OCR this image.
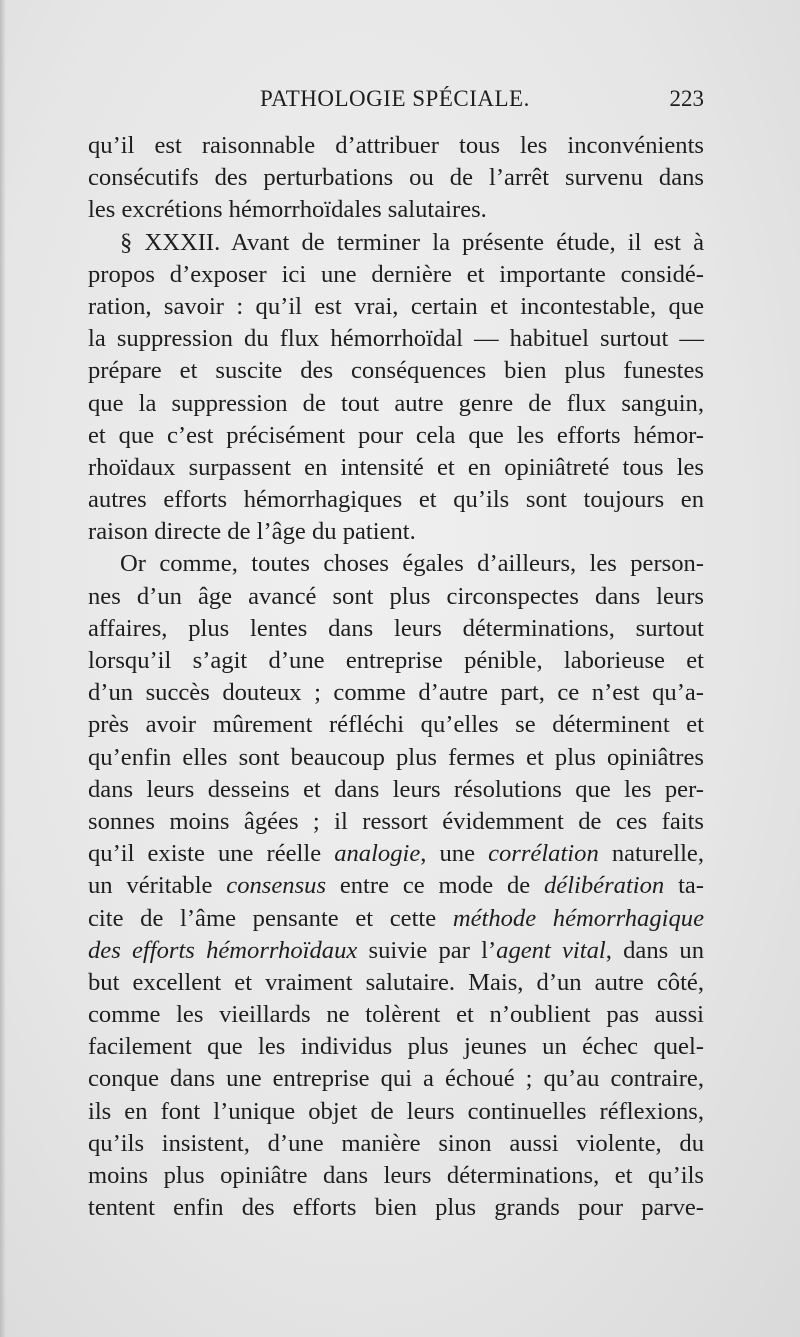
PATHOLOGIE SPÉCIALE.	223
qu’il est raisonnable d’attribuer tous les inconvénients
consécutifs des perturbations ou de l’arrêt survenu dans
les excrétions hémorrhoïdales salutaires.
§ XXXII. Avant de terminer la présente étude, il est à
propos d’exposer ici une dernière et importante considé-
ration, savoir : qu’il est vrai, certain et incontestable, que
la suppression du flux hémorrhoïdal — habituel surtout —
prépare et suscite des conséquences bien plus funestes
que la suppression de tout autre genre de flux sanguin,
et que c’est précisément pour cela que les efforts hémor-
rhoïdaux surpassent en intensité et en opiniâtreté tous les
autres efforts hémorrhagiques et qu’ils sont toujours en
raison directe de l’âge du patient.
Or comme, toutes choses égales d’ailleurs, les person-
nes d’un âge avancé sont plus circonspectes dans leurs
affaires, plus lentes dans leurs déterminations, surtout
lorsqu’il s’agit d’une entreprise pénible, laborieuse et
d’un succès douteux ; comme d’autre part, ce n’est qu’a-
près avoir mûrement réfléchi qu’elles se déterminent et
qu’enfin elles sont beaucoup plus fermes et plus opiniâtres
dans leurs desseins et dans leurs résolutions que les per-
sonnes moins âgées ; il ressort évidemment de ces faits
qu’il existe une réelle analogie, une corrélation naturelle,
un véritable consensus entre ce mode de délibération ta-
cite de l’âme pensante et cette méthode hémorrhagique
des efforts hémorrhoïdaux suivie par l’agent vital, dans un
but excellent et vraiment salutaire. Mais, d’un autre côté,
comme les vieillards ne tolèrent et n’oublient pas aussi
facilement que les individus plus jeunes un échec quel-
conque dans une entreprise qui a échoué ; qu’au contraire,
ils en font l’unique objet de leurs continuelles réflexions,
qu’ils insistent, d’une manière sinon aussi violente, du
moins plus opiniâtre dans leurs déterminations, et qu’ils
tentent enfin des efforts bien plus grands pour parve-
